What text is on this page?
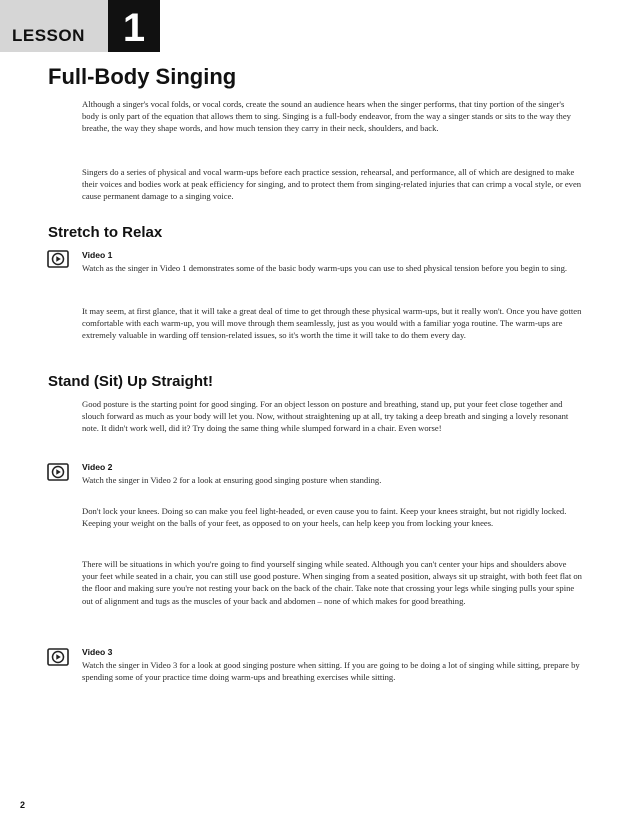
LESSON 1
Full-Body Singing

Although a singer's vocal folds, or vocal cords, create the sound an audience hears when the singer performs, that tiny portion of the singer's body is only part of the equation that allows them to sing. Singing is a full-body endeavor, from the way a singer stands or sits to the way they breathe, the way they shape words, and how much tension they carry in their neck, shoulders, and back.

Singers do a series of physical and vocal warm-ups before each practice session, rehearsal, and performance, all of which are designed to make their voices and bodies work at peak efficiency for singing, and to protect them from singing-related injuries that can crimp a vocal style, or even cause permanent damage to a singing voice.

Stretch to Relax

Video 1

Watch as the singer in Video 1 demonstrates some of the basic body warm-ups you can use to shed physical tension before you begin to sing.

It may seem, at first glance, that it will take a great deal of time to get through these physical warm-ups, but it really won't. Once you have gotten comfortable with each warm-up, you will move through them seamlessly, just as you would with a familiar yoga routine. The warm-ups are extremely valuable in warding off tension-related issues, so it's worth the time it will take to do them every day.

Stand (Sit) Up Straight!

Good posture is the starting point for good singing. For an object lesson on posture and breathing, stand up, put your feet close together and slouch forward as much as your body will let you. Now, without straightening up at all, try taking a deep breath and singing a lovely resonant note. It didn't work well, did it? Try doing the same thing while slumped forward in a chair. Even worse!

Video 2

Watch the singer in Video 2 for a look at ensuring good singing posture when standing.

Don't lock your knees. Doing so can make you feel light-headed, or even cause you to faint. Keep your knees straight, but not rigidly locked. Keeping your weight on the balls of your feet, as opposed to on your heels, can help keep you from locking your knees.

There will be situations in which you're going to find yourself singing while seated. Although you can't center your hips and shoulders above your feet while seated in a chair, you can still use good posture. When singing from a seated position, always sit up straight, with both feet flat on the floor and making sure you're not resting your back on the back of the chair. Take note that crossing your legs while singing pulls your spine out of alignment and tugs as the muscles of your back and abdomen – none of which makes for good breathing.

Video 3

Watch the singer in Video 3 for a look at good singing posture when sitting. If you are going to be doing a lot of singing while sitting, prepare by spending some of your practice time doing warm-ups and breathing exercises while sitting.

2
